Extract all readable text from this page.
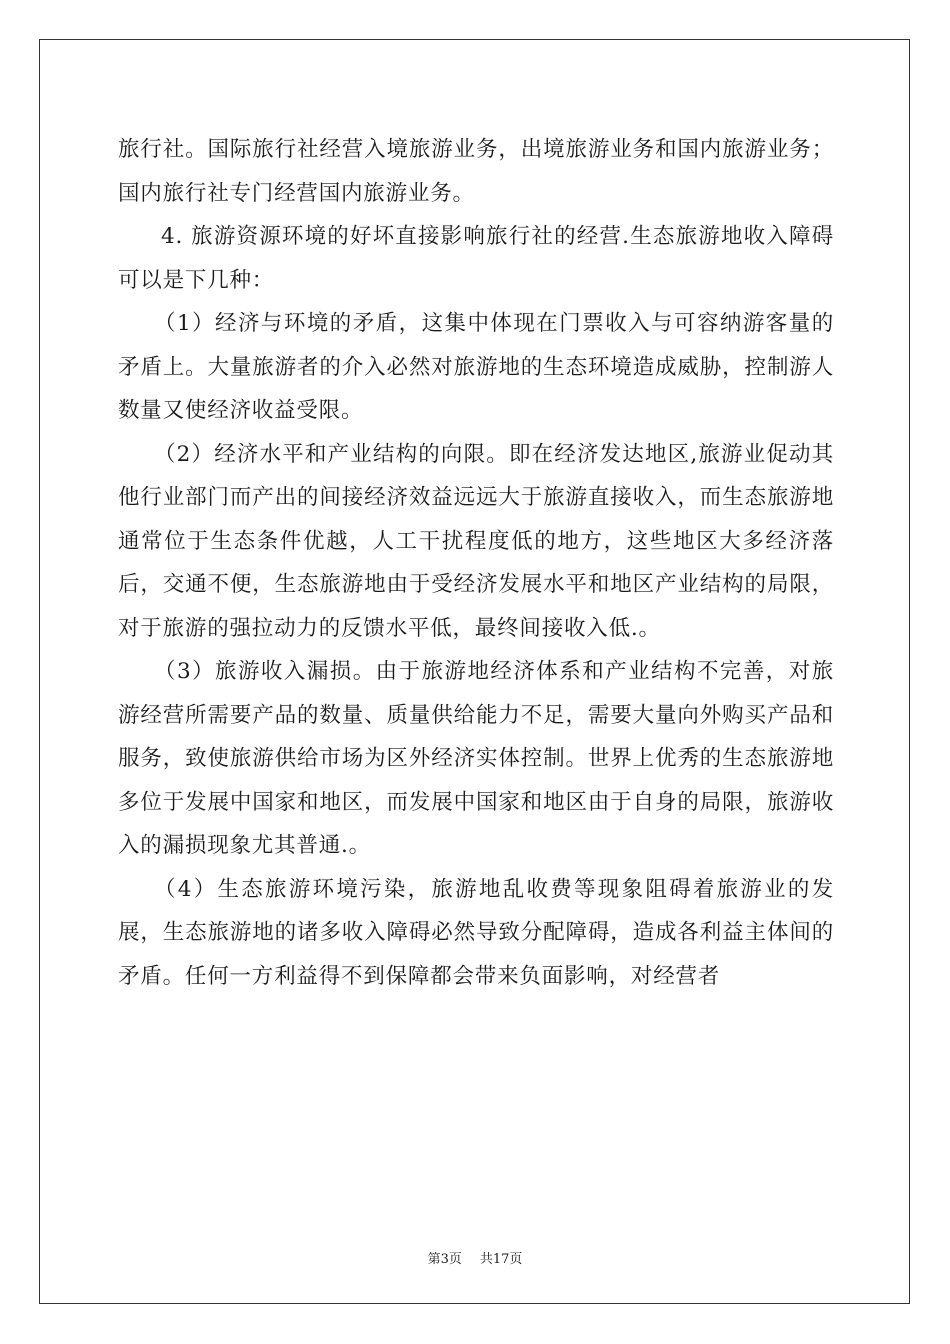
旅行社。国际旅行社经营入境旅游业务，出境旅游业务和国内旅游业务；国内旅行社专门经营国内旅游业务。

4. 旅游资源环境的好坏直接影响旅行社的经营.生态旅游地收入障碍可以是下几种：

（1）经济与环境的矛盾，这集中体现在门票收入与可容纳游客量的矛盾上。大量旅游者的介入必然对旅游地的生态环境造成威胁，控制游人数量又使经济收益受限。

（2）经济水平和产业结构的向限。即在经济发达地区,旅游业促动其他行业部门而产出的间接经济效益远远大于旅游直接收入，而生态旅游地通常位于生态条件优越，人工干扰程度低的地方，这些地区大多经济落后，交通不便，生态旅游地由于受经济发展水平和地区产业结构的局限，对于旅游的强拉动力的反馈水平低，最终间接收入低.。

（3）旅游收入漏损。由于旅游地经济体系和产业结构不完善，对旅游经营所需要产品的数量、质量供给能力不足，需要大量向外购买产品和服务，致使旅游供给市场为区外经济实体控制。世界上优秀的生态旅游地多位于发展中国家和地区，而发展中国家和地区由于自身的局限，旅游收入的漏损现象尤其普通.。

（4）生态旅游环境污染，旅游地乱收费等现象阻碍着旅游业的发展，生态旅游地的诸多收入障碍必然导致分配障碍，造成各利益主体间的矛盾。任何一方利益得不到保障都会带来负面影响，对经营者

第3页 共17页
